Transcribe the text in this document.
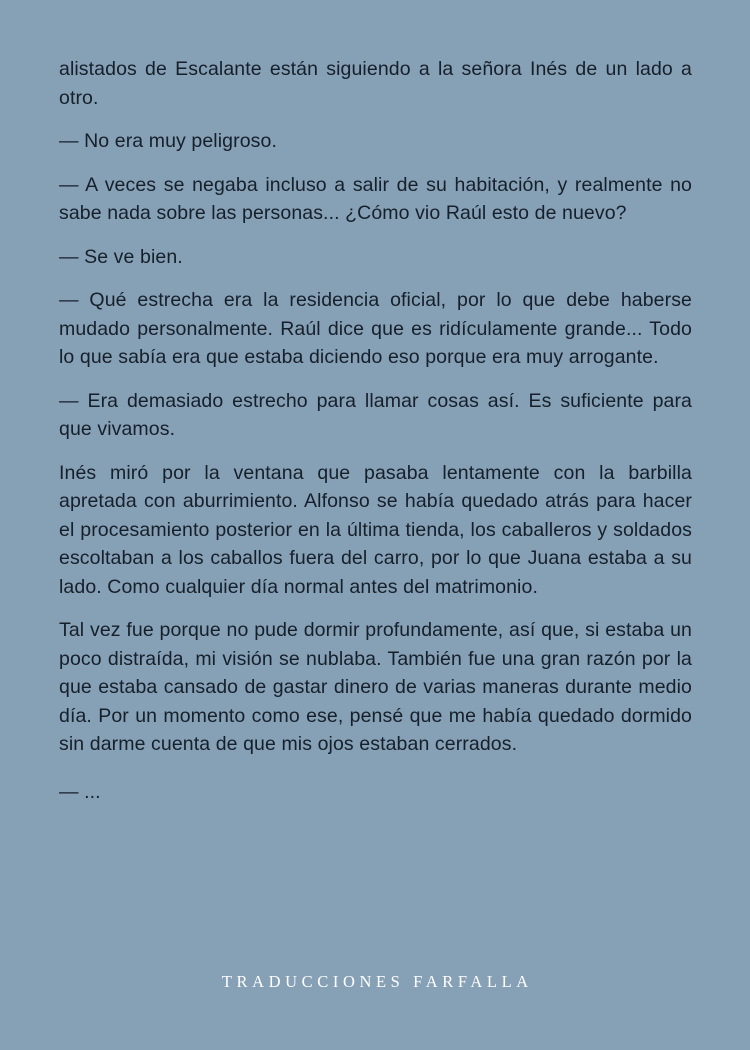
alistados de Escalante están siguiendo a la señora Inés de un lado a otro.

— No era muy peligroso.

— A veces se negaba incluso a salir de su habitación, y realmente no sabe nada sobre las personas... ¿Cómo vio Raúl esto de nuevo?

— Se ve bien.

— Qué estrecha era la residencia oficial, por lo que debe haberse mudado personalmente. Raúl dice que es ridículamente grande... Todo lo que sabía era que estaba diciendo eso porque era muy arrogante.

— Era demasiado estrecho para llamar cosas así. Es suficiente para que vivamos.

Inés miró por la ventana que pasaba lentamente con la barbilla apretada con aburrimiento. Alfonso se había quedado atrás para hacer el procesamiento posterior en la última tienda, los caballeros y soldados escoltaban a los caballos fuera del carro, por lo que Juana estaba a su lado. Como cualquier día normal antes del matrimonio.

Tal vez fue porque no pude dormir profundamente, así que, si estaba un poco distraída, mi visión se nublaba. También fue una gran razón por la que estaba cansado de gastar dinero de varias maneras durante medio día. Por un momento como ese, pensé que me había quedado dormido sin darme cuenta de que mis ojos estaban cerrados.

— ...

TRADUCCIONES FARFALLA
